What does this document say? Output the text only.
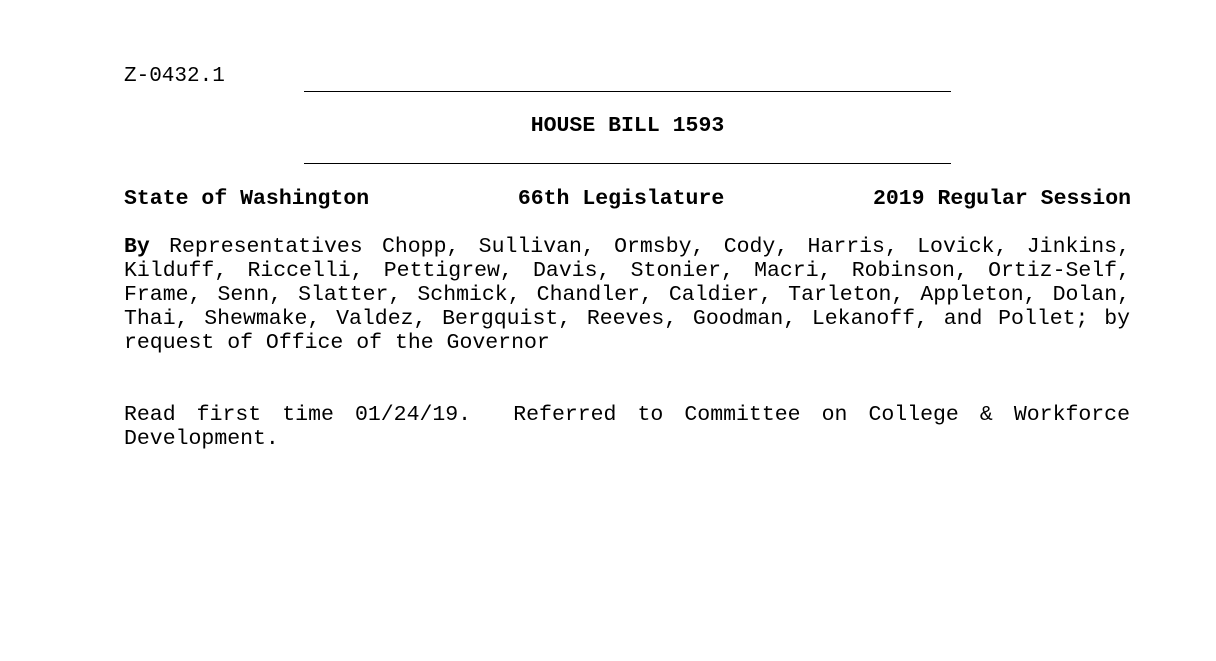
Z-0432.1
HOUSE BILL 1593
State of Washington	66th Legislature	2019 Regular Session
By Representatives Chopp, Sullivan, Ormsby, Cody, Harris, Lovick, Jinkins, Kilduff, Riccelli, Pettigrew, Davis, Stonier, Macri, Robinson, Ortiz-Self, Frame, Senn, Slatter, Schmick, Chandler, Caldier, Tarleton, Appleton, Dolan, Thai, Shewmake, Valdez, Bergquist, Reeves, Goodman, Lekanoff, and Pollet; by request of Office of the Governor
Read first time 01/24/19. Referred to Committee on College & Workforce Development.
